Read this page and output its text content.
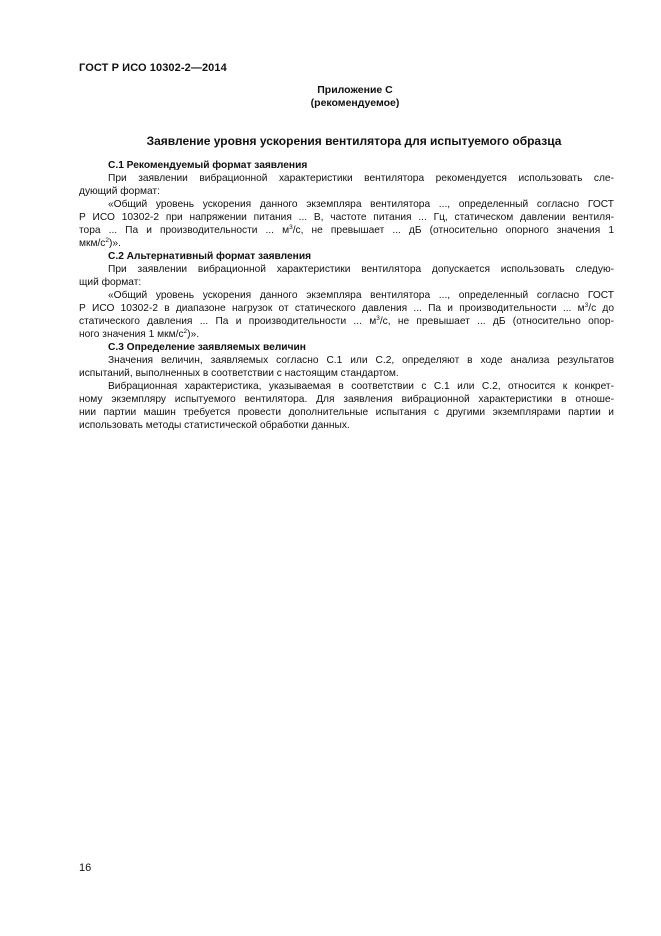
ГОСТ Р ИСО 10302-2—2014
Приложение С
(рекомендуемое)
Заявление уровня ускорения вентилятора для испытуемого образца
С.1 Рекомендуемый формат заявления
При заявлении вибрационной характеристики вентилятора рекомендуется использовать сле-
дующий формат:
«Общий уровень ускорения данного экземпляра вентилятора ..., определенный согласно ГОСТ
Р ИСО 10302-2 при напряжении питания ... В, частоте питания ... Гц, статическом давлении вентиля-
тора ... Па и производительности ... $м^3/с$, не превышает ... дБ (относительно опорного значения 1
мкм/$с^2$)».
С.2 Альтернативный формат заявления
При заявлении вибрационной характеристики вентилятора допускается использовать следую-
щий формат:
«Общий уровень ускорения данного экземпляра вентилятора ..., определенный согласно ГОСТ
Р ИСО 10302-2 в диапазоне нагрузок от статического давления ... Па и производительности ... $м^3/с$ до
статического давления ... Па и производительности ... $м^3/с$, не превышает ... дБ (относительно опор-
ного значения 1 мкм/$с^2$)».
С.3 Определение заявляемых величин
Значения величин, заявляемых согласно С.1 или С.2, определяют в ходе анализа результатов
испытаний, выполненных в соответствии с настоящим стандартом.
Вибрационная характеристика, указываемая в соответствии с С.1 или С.2, относится к конкрет-
ному экземпляру испытуемого вентилятора. Для заявления вибрационной характеристики в отноше-
нии партии машин требуется провести дополнительные испытания с другими экземплярами партии и
использовать методы статистической обработки данных.
16
